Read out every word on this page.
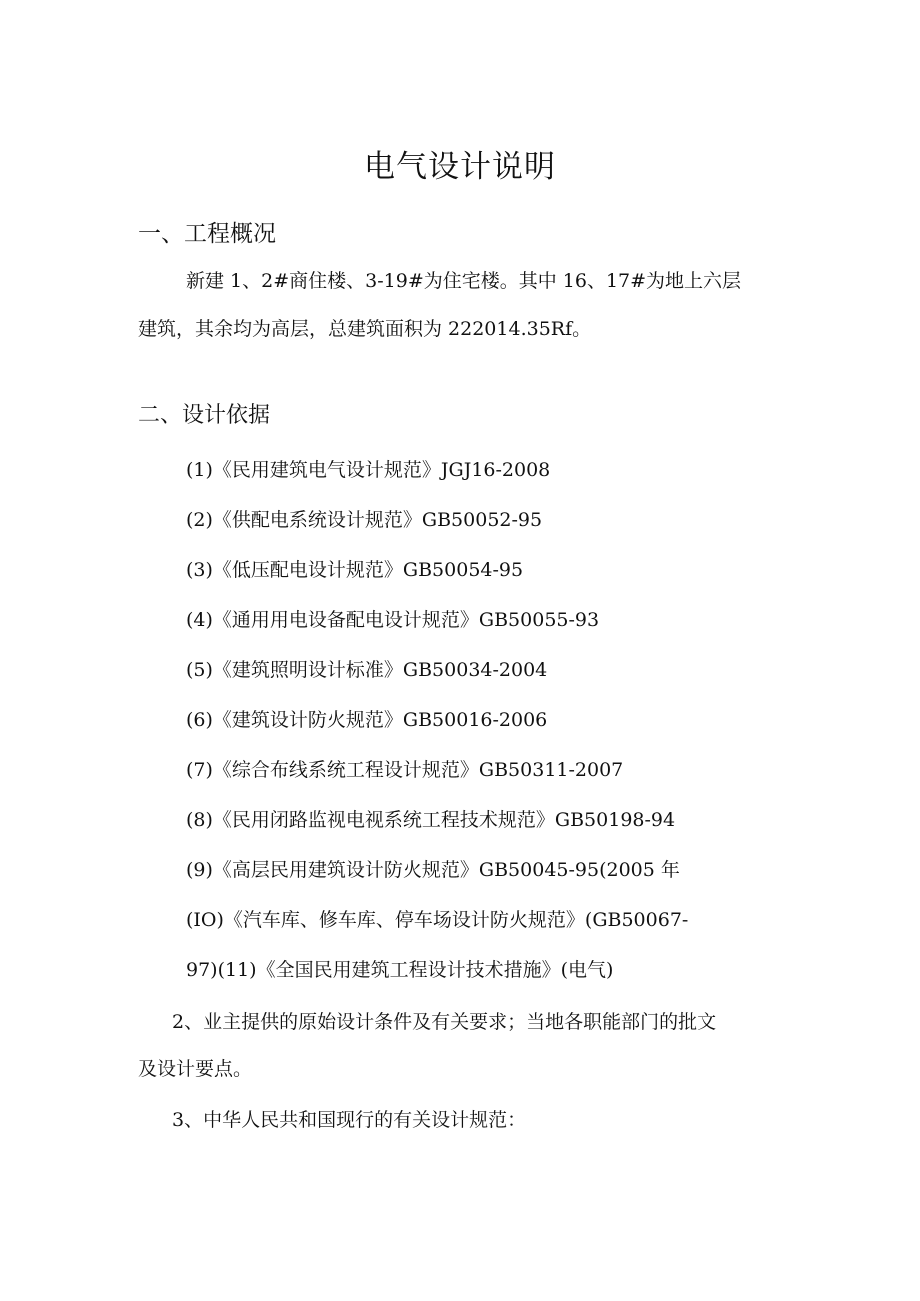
电气设计说明
一、工程概况
新建 1、2#商住楼、3-19#为住宅楼。其中 16、17#为地上六层
建筑，其余均为高层，总建筑面积为 222014.35Rf。
二、设计依据
(1)《民用建筑电气设计规范》JGJ16-2008
(2)《供配电系统设计规范》GB50052-95
(3)《低压配电设计规范》GB50054-95
(4)《通用用电设备配电设计规范》GB50055-93
(5)《建筑照明设计标准》GB50034-2004
(6)《建筑设计防火规范》GB50016-2006
(7)《综合布线系统工程设计规范》GB50311-2007
(8)《民用闭路监视电视系统工程技术规范》GB50198-94
(9)《高层民用建筑设计防火规范》GB50045-95(2005 年
(IO)《汽车库、修车库、停车场设计防火规范》(GB50067-
97)(11)《全国民用建筑工程设计技术措施》(电气)
2、业主提供的原始设计条件及有关要求；当地各职能部门的批文
及设计要点。
3、中华人民共和国现行的有关设计规范：
